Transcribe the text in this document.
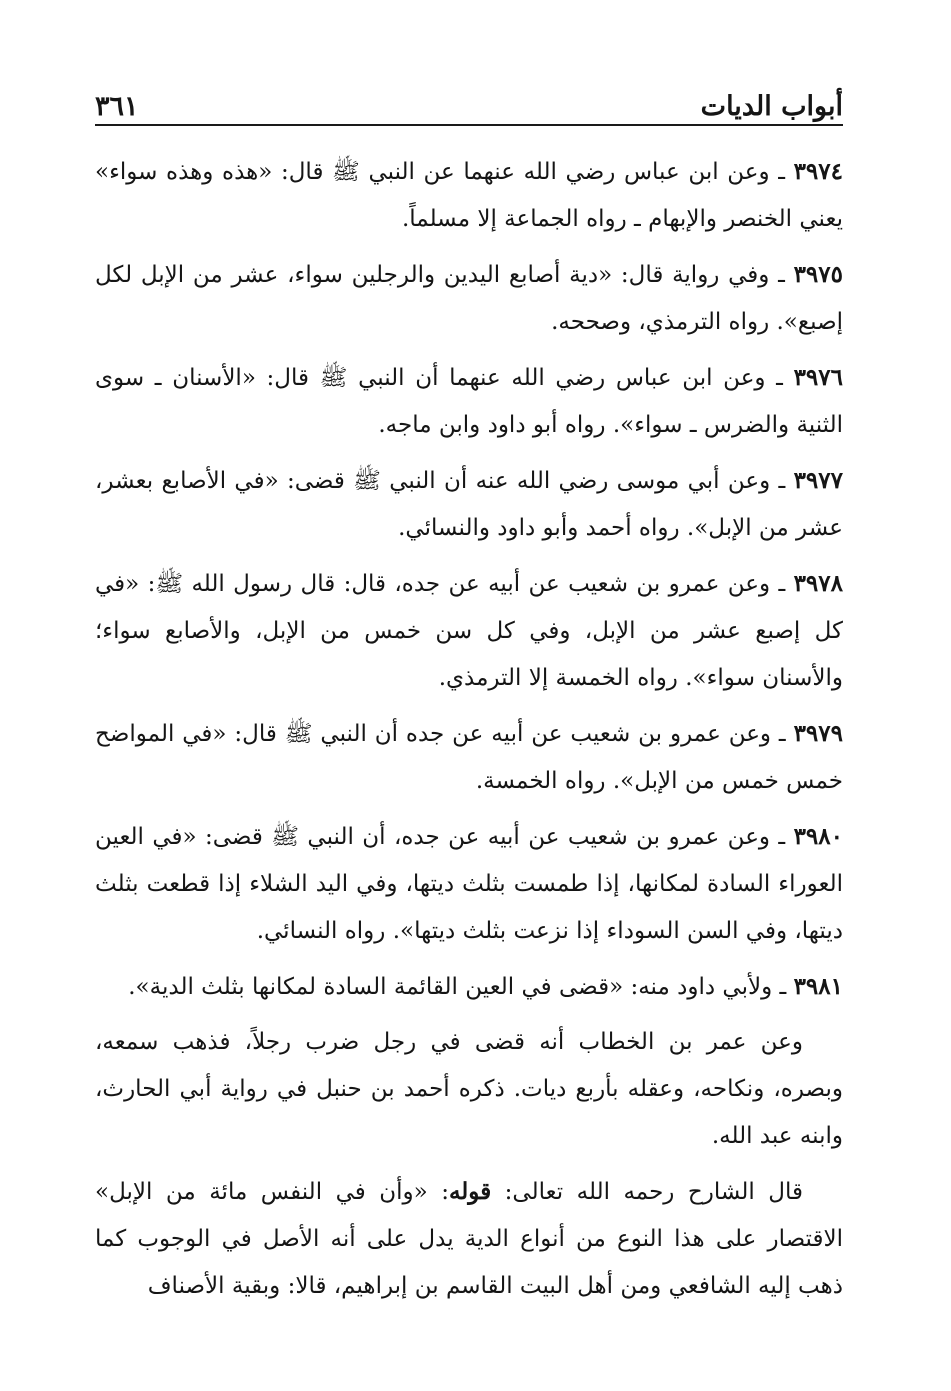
أبواب الديات
٣٦١

٣٩٧٤ ـ وعن ابن عباس رضي الله عنهما عن النبي ﷺ قال: «هذه وهذه سواء» يعني الخنصر والإبهام ـ رواه الجماعة إلا مسلماً.

٣٩٧٥ ـ وفي رواية قال: «دية أصابع اليدين والرجلين سواء، عشر من الإبل لكل إصبع». رواه الترمذي، وصححه.

٣٩٧٦ ـ وعن ابن عباس رضي الله عنهما أن النبي ﷺ قال: «الأسنان ـ سوى الثنية والضرس ـ سواء». رواه أبو داود وابن ماجه.

٣٩٧٧ ـ وعن أبي موسى رضي الله عنه أن النبي ﷺ قضى: «في الأصابع بعشر، عشر من الإبل». رواه أحمد وأبو داود والنسائي.

٣٩٧٨ ـ وعن عمرو بن شعيب عن أبيه عن جده، قال: قال رسول الله ﷺ: «في كل إصبع عشر من الإبل، وفي كل سن خمس من الإبل، والأصابع سواء؛ والأسنان سواء». رواه الخمسة إلا الترمذي.

٣٩٧٩ ـ وعن عمرو بن شعيب عن أبيه عن جده أن النبي ﷺ قال: «في المواضح خمس خمس من الإبل». رواه الخمسة.

٣٩٨٠ ـ وعن عمرو بن شعيب عن أبيه عن جده، أن النبي ﷺ قضى: «في العين العوراء السادة لمكانها، إذا طمست بثلث ديتها، وفي اليد الشلاء إذا قطعت بثلث ديتها، وفي السن السوداء إذا نزعت بثلث ديتها». رواه النسائي.

٣٩٨١ ـ ولأبي داود منه: «قضى في العين القائمة السادة لمكانها بثلث الدية».

وعن عمر بن الخطاب أنه قضى في رجل ضرب رجلاً، فذهب سمعه، وبصره، ونكاحه، وعقله بأربع ديات. ذكره أحمد بن حنبل في رواية أبي الحارث، وابنه عبد الله.

قال الشارح رحمه الله تعالى: قوله: «وأن في النفس مائة من الإبل» الاقتصار على هذا النوع من أنواع الدية يدل على أنه الأصل في الوجوب كما ذهب إليه الشافعي ومن أهل البيت القاسم بن إبراهيم، قالا: وبقية الأصناف
